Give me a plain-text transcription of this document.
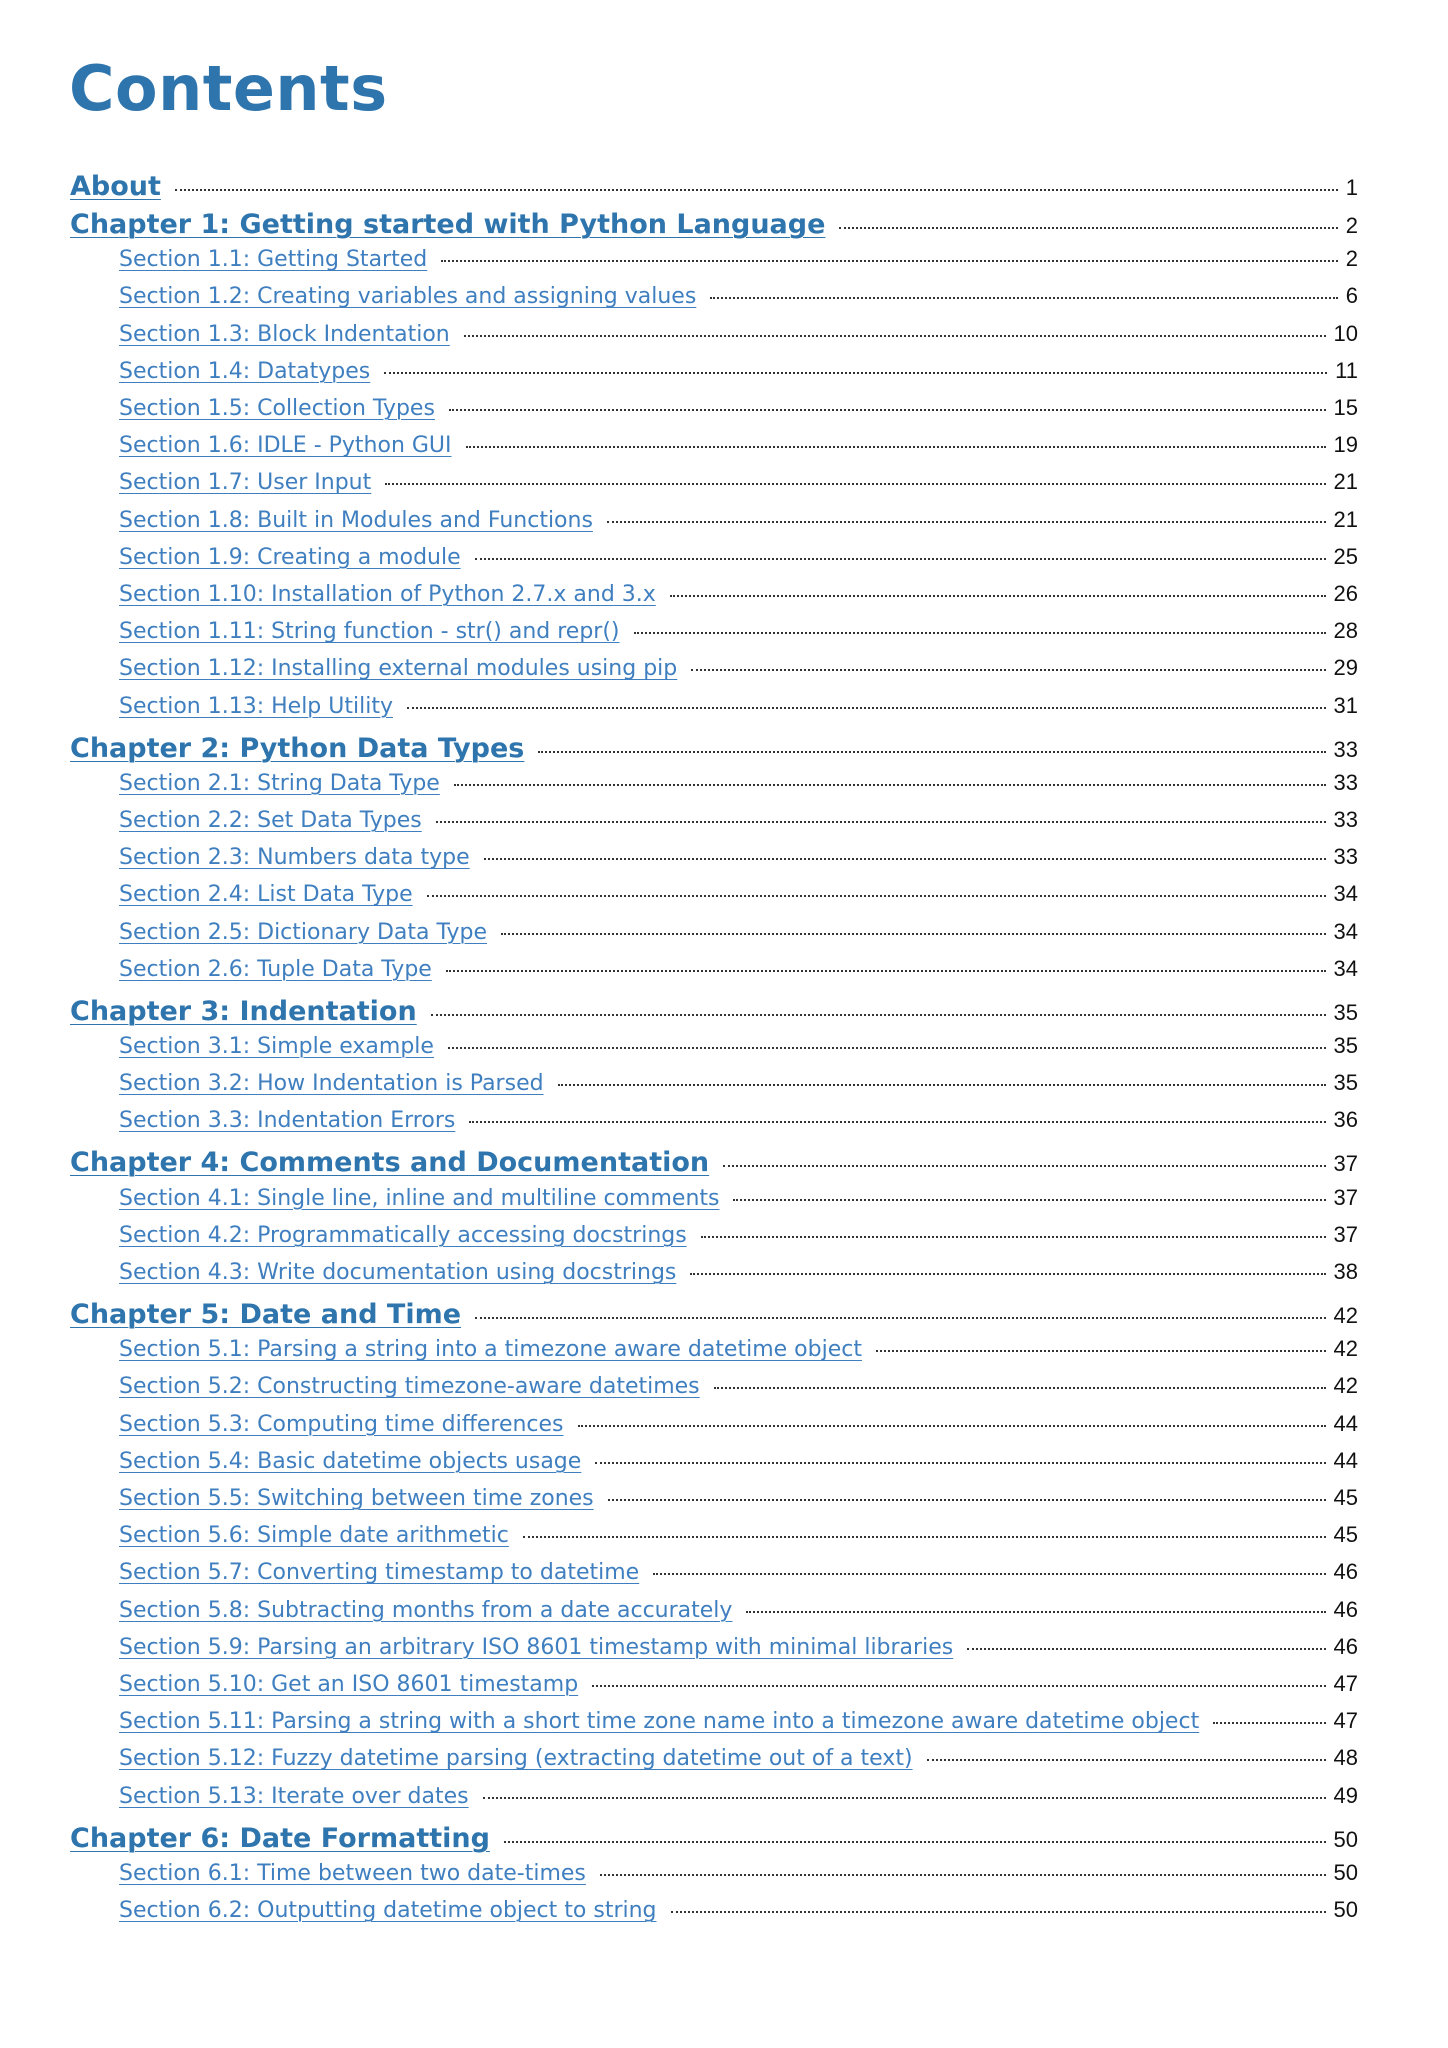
Contents
About	1
Chapter 1: Getting started with Python Language	2
Section 1.1: Getting Started	2
Section 1.2: Creating variables and assigning values	6
Section 1.3: Block Indentation	10
Section 1.4: Datatypes	11
Section 1.5: Collection Types	15
Section 1.6: IDLE - Python GUI	19
Section 1.7: User Input	21
Section 1.8: Built in Modules and Functions	21
Section 1.9: Creating a module	25
Section 1.10: Installation of Python 2.7.x and 3.x	26
Section 1.11: String function - str() and repr()	28
Section 1.12: Installing external modules using pip	29
Section 1.13: Help Utility	31
Chapter 2: Python Data Types	33
Section 2.1: String Data Type	33
Section 2.2: Set Data Types	33
Section 2.3: Numbers data type	33
Section 2.4: List Data Type	34
Section 2.5: Dictionary Data Type	34
Section 2.6: Tuple Data Type	34
Chapter 3: Indentation	35
Section 3.1: Simple example	35
Section 3.2: How Indentation is Parsed	35
Section 3.3: Indentation Errors	36
Chapter 4: Comments and Documentation	37
Section 4.1: Single line, inline and multiline comments	37
Section 4.2: Programmatically accessing docstrings	37
Section 4.3: Write documentation using docstrings	38
Chapter 5: Date and Time	42
Section 5.1: Parsing a string into a timezone aware datetime object	42
Section 5.2: Constructing timezone-aware datetimes	42
Section 5.3: Computing time differences	44
Section 5.4: Basic datetime objects usage	44
Section 5.5: Switching between time zones	45
Section 5.6: Simple date arithmetic	45
Section 5.7: Converting timestamp to datetime	46
Section 5.8: Subtracting months from a date accurately	46
Section 5.9: Parsing an arbitrary ISO 8601 timestamp with minimal libraries	46
Section 5.10: Get an ISO 8601 timestamp	47
Section 5.11: Parsing a string with a short time zone name into a timezone aware datetime object	47
Section 5.12: Fuzzy datetime parsing (extracting datetime out of a text)	48
Section 5.13: Iterate over dates	49
Chapter 6: Date Formatting	50
Section 6.1: Time between two date-times	50
Section 6.2: Outputting datetime object to string	50
